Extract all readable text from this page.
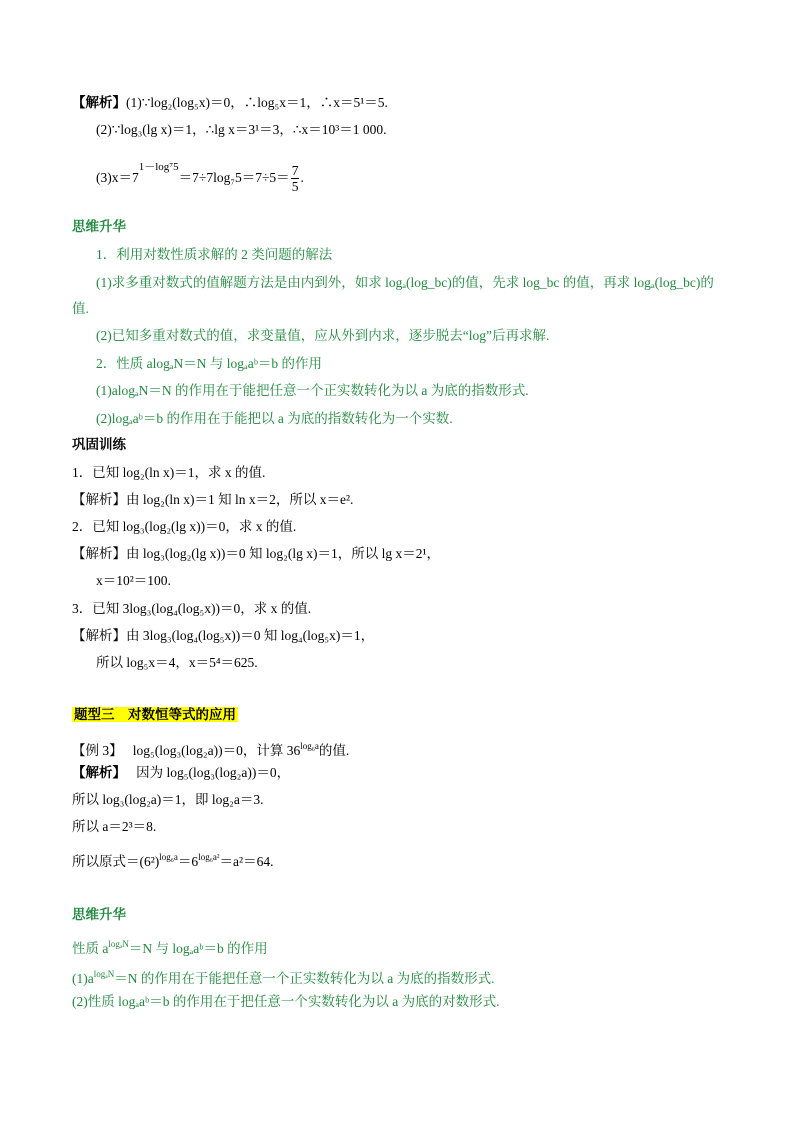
【解析】(1)∵log₂(log₅x)＝0，∴log₅x＝1，∴x＝5¹＝5.
(2)∵log₃(lg x)＝1，∴lg x＝3¹＝3，∴x＝10³＝1 000.
$(3)x=7^{1-log^75}=7\div 7\log_75=7\div 5= \frac{7}{5}$ .
思维升华
1．利用对数性质求解的 2 类问题的解法
(1)求多重对数式的值解题方法是由内到外，如求 logₐ(log_bc)的值，先求 log_bc 的值，再求 logₐ(log_bc)的
值.
(2)已知多重对数式的值，求变量值，应从外到内求，逐步脱去“log”后再求解.
2．性质 alogₐN＝N 与 logₐaᵇ＝b 的作用
(1)alogₐN＝N 的作用在于能把任意一个正实数转化为以 a 为底的指数形式.
(2)logₐaᵇ＝b 的作用在于能把以 a 为底的指数转化为一个实数.
巩固训练
1．已知 log₂(ln x)＝1，求 x 的值.
【解析】由 log₂(ln x)＝1 知 ln x＝2，所以 x＝e².
2．已知 log₃(log₂(lg x))＝0，求 x 的值.
【解析】由 log₃(log₂(lg x))＝0 知 log₂(lg x)＝1，所以 lg x＝2¹，
x＝10²＝100.
3．已知 3log₃(log₄(log₅x))＝0，求 x 的值.
【解析】由 3log₃(log₄(log₅x))＝0 知 log₄(log₅x)＝1，
所以 log₅x＝4，x＝5⁴＝625.
题型三　对数恒等式的应用
【例 3】 log₅(log₃(log₂a))＝0，计算 $36^{log_6a}$的值.
【解析】 因为 log₅(log₃(log₂a))＝0，
所以 log₃(log₂a)＝1，即 log₂a＝3.
所以 a＝2³＝8.
所以原式$=(6^2)^{log_6a}=6^{log_6a^2}=a^2=64$.
思维升华
性质 $a^{log_aN}=N$ 与 logₐaᵇ＝b 的作用
$(1)a^{log_aN}=N$ 的作用在于能把任意一个正实数转化为以 a 为底的指数形式.
(2)性质 logₐaᵇ＝b 的作用在于把任意一个实数转化为以 a 为底的对数形式.
